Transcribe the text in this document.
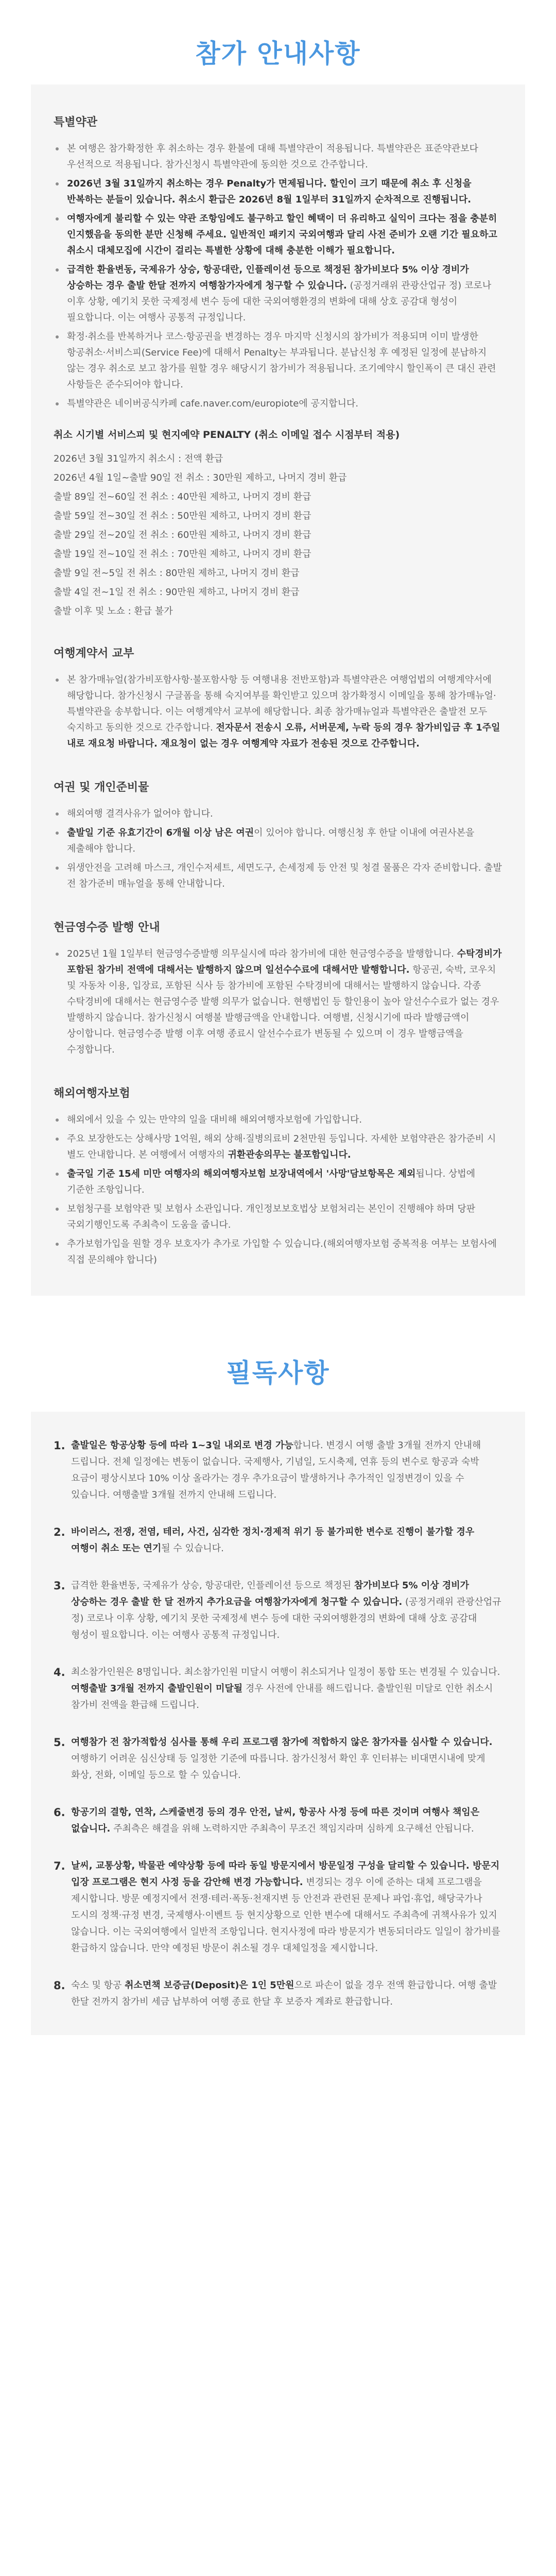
참가 안내사항
특별약관
본 여행은 참가확정한 후 취소하는 경우 환불에 대해 특별약관이 적용됩니다. 특별약관은 표준약관보다 우선적으로 적용됩니다. 참가신청시 특별약관에 동의한 것으로 간주합니다.
2026년 3월 31일까지 취소하는 경우 Penalty가 면제됩니다. 할인이 크기 때문에 취소 후 신청을 반복하는 분들이 있습니다. 취소시 환급은 2026년 8월 1일부터 31일까지 순차적으로 진행됩니다.
여행자에게 불리할 수 있는 약관 조항임에도 불구하고 할인 혜택이 더 유리하고 실익이 크다는 점을 충분히 인지했음을 동의한 분만 신청해 주세요. 일반적인 패키지 국외여행과 달리 사전 준비가 오랜 기간 필요하고 취소시 대체모집에 시간이 걸리는 특별한 상황에 대해 충분한 이해가 필요합니다.
급격한 환율변동, 국제유가 상승, 항공대란, 인플레이션 등으로 책정된 참가비보다 5% 이상 경비가 상승하는 경우 출발 한달 전까지 여행참가자에게 청구할 수 있습니다. (공정거래위 관광산업규 정) 코로나 이후 상황, 예기치 못한 국제정세 변수 등에 대한 국외여행환경의 변화에 대해 상호 공감대 형성이 필요합니다. 이는 여행사 공통적 규정입니다.
확정·취소를 반복하거나 코스·항공권을 변경하는 경우 마지막 신청시의 참가비가 적용되며 이미 발생한 항공취소·서비스피(Service Fee)에 대해서 Penalty는 부과됩니다. 분납신청 후 예정된 일정에 분납하지 않는 경우 취소로 보고 참가를 원할 경우 해당시기 참가비가 적용됩니다. 조기예약시 할인폭이 큰 대신 관련 사항들은 준수되어야 합니다.
특별약관은 네이버공식카페 cafe.naver.com/europiote에 공지합니다.
취소 시기별 서비스피 및 현지예약 PENALTY (취소 이메일 접수 시점부터 적용)
2026년 3월 31일까지 취소시 : 전액 환급
2026년 4월 1일~출발 90일 전 취소 : 30만원 제하고, 나머지 경비 환급
출발 89일 전~60일 전 취소 : 40만원 제하고, 나머지 경비 환급
출발 59일 전~30일 전 취소 : 50만원 제하고, 나머지 경비 환급
출발 29일 전~20일 전 취소 : 60만원 제하고, 나머지 경비 환급
출발 19일 전~10일 전 취소 : 70만원 제하고, 나머지 경비 환급
출발 9일 전~5일 전 취소 : 80만원 제하고, 나머지 경비 환급
출발 4일 전~1일 전 취소 : 90만원 제하고, 나머지 경비 환급
출발 이후 및 노쇼 : 환급 불가
여행계약서 교부
본 참가매뉴얼(참가비포함사항·불포함사항 등 여행내용 전반포함)과 특별약관은 여행업법의 여행계약서에 해당합니다. 참가신청시 구글폼을 통해 숙지여부를 확인받고 있으며 참가확정시 이메일을 통해 참가매뉴얼·특별약관을 송부합니다. 이는 여행계약서 교부에 해당합니다. 최종 참가매뉴얼과 특별약관은 출발전 모두 숙지하고 동의한 것으로 간주합니다. 전자문서 전송시 오류, 서버문제, 누락 등의 경우 참가비입금 후 1주일 내로 재요청 바랍니다. 재요청이 없는 경우 여행계약 자료가 전송된 것으로 간주합니다.
여권 및 개인준비물
해외여행 결격사유가 없어야 합니다.
출발일 기준 유효기간이 6개월 이상 남은 여권이 있어야 합니다. 여행신청 후 한달 이내에 여권사본을 제출해야 합니다.
위생안전을 고려해 마스크, 개인수저세트, 세면도구, 손세정제 등 안전 및 청결 물품은 각자 준비합니다. 출발 전 참가준비 매뉴얼을 통해 안내합니다.
현금영수증 발행 안내
2025년 1월 1일부터 현금영수증발행 의무실시에 따라 참가비에 대한 현금영수증을 발행합니다. 수탁경비가 포함된 참가비 전액에 대해서는 발행하지 않으며 일선수수료에 대해서만 발행합니다. 항공권, 숙박, 코우치 및 자동차 이용, 입장료, 포함된 식사 등 참가비에 포함된 수탁경비에 대해서는 발행하지 않습니다. 각종 수탁경비에 대해서는 현금영수증 발행 의무가 없습니다. 현행법인 등 할인용이 높아 알선수수료가 없는 경우 발행하지 않습니다. 참가신청시 여행불 발행금액을 안내합니다. 여행별, 신청시기에 따라 발행금액이 상이합니다. 현금영수증 발행 이후 여행 종료시 알선수수료가 변동될 수 있으며 이 경우 발행금액을 수정합니다.
해외여행자보험
해외에서 있을 수 있는 만약의 일을 대비해 해외여행자보험에 가입합니다.
주요 보장한도는 상해사망 1억원, 해외 상해·질병의료비 2천만원 등입니다. 자세한 보험약관은 참가준비 시 별도 안내합니다. 본 여행에서 여행자의 귀환관송의무는 불포함입니다.
출국일 기준 15세 미만 여행자의 해외여행자보험 보장내역에서 '사망'담보항목은 제외됩니다. 상법에 기준한 조항입니다.
보험청구를 보험약관 및 보험사 소관입니다. 개인정보보호법상 보험처리는 본인이 진행해야 하며 당판 국외기행인도록 주최측이 도움을 줍니다.
추가보험가입을 원할 경우 보호자가 추가로 가입할 수 있습니다.(해외여행자보험 중복적용 여부는 보험사에 직접 문의해야 합니다)
필독사항
1. 출발일은 항공상황 등에 따라 1~3일 내외로 변경 가능합니다. 변경시 여행 출발 3개월 전까지 안내해 드립니다. 전체 일정에는 변동이 없습니다. 국제행사, 기념일, 도시축제, 연휴 등의 변수로 항공과 숙박 요금이 평상시보다 10% 이상 올라가는 경우 추가요금이 발생하거나 추가적인 일정변경이 있을 수 있습니다. 여행출발 3개월 전까지 안내해 드립니다.
2. 바이러스, 전쟁, 전염, 테러, 사건, 심각한 정치·경제적 위기 등 불가피한 변수로 진행이 불가할 경우 여행이 취소 또는 연기될 수 있습니다.
3. 급격한 환율변동, 국제유가 상승, 항공대란, 인플레이션 등으로 책정된 참가비보다 5% 이상 경비가 상승하는 경우 출발 한 달 전까지 추가요금을 여행참가자에게 청구할 수 있습니다. (공정거래위 관광산업규 정) 코로나 이후 상황, 예기치 못한 국제정세 변수 등에 대한 국외여행환경의 변화에 대해 상호 공감대 형성이 필요합니다. 이는 여행사 공통적 규정입니다.
4. 최소참가인원은 8명입니다. 최소참가인원 미달시 여행이 취소되거나 일정이 통합 또는 변경될 수 있습니다. 여행출발 3개월 전까지 출발인원이 미달될 경우 사전에 안내를 해드립니다. 출발인원 미달로 인한 취소시 참가비 전액을 환급해 드립니다.
5. 여행참가 전 참가적합성 심사를 통해 우리 프로그램 참가에 적합하지 않은 참가자를 심사할 수 있습니다. 여행하기 어려운 심신상태 등 일정한 기준에 따릅니다. 참가신청서 확인 후 인터뷰는 비대면시내에 맞게 화상, 전화, 이메일 등으로 할 수 있습니다.
6. 항공기의 결항, 연착, 스케줄변경 등의 경우 안전, 날씨, 항공사 사정 등에 따른 것이며 여행사 책임은 없습니다. 주최측은 해결을 위해 노력하지만 주최측이 무조건 책임지라며 심하게 요구해선 안됩니다.
7. 날씨, 교통상황, 박물관 예약상황 등에 따라 동일 방문지에서 방문일정 구성을 달리할 수 있습니다. 방문지 입장 프로그램은 현지 사정 등을 감안해 변경 가능합니다. 변경되는 경우 이에 준하는 대체 프로그램을 제시합니다. 방문 예정지에서 전쟁·테러·폭동·천재지변 등 안전과 관련된 문제나 파업·휴업, 해당국가나 도시의 정책·규정 변경, 국제행사·이벤트 등 현지상황으로 인한 변수에 대해서도 주최측에 귀책사유가 있지 않습니다. 이는 국외여행에서 일반적 조항입니다. 현지사정에 따라 방문지가 변동되더라도 일일이 참가비를 환급하지 않습니다. 만약 예정된 방문이 취소될 경우 대체일정을 제시합니다.
8. 숙소 및 항공 취소면책 보증금(Deposit)은 1인 5만원으로 파손이 없을 경우 전액 환급합니다. 여행 출발 한달 전까지 참가비 세금 납부하여 여행 종료 한달 후 보증자 계좌로 환급합니다.
